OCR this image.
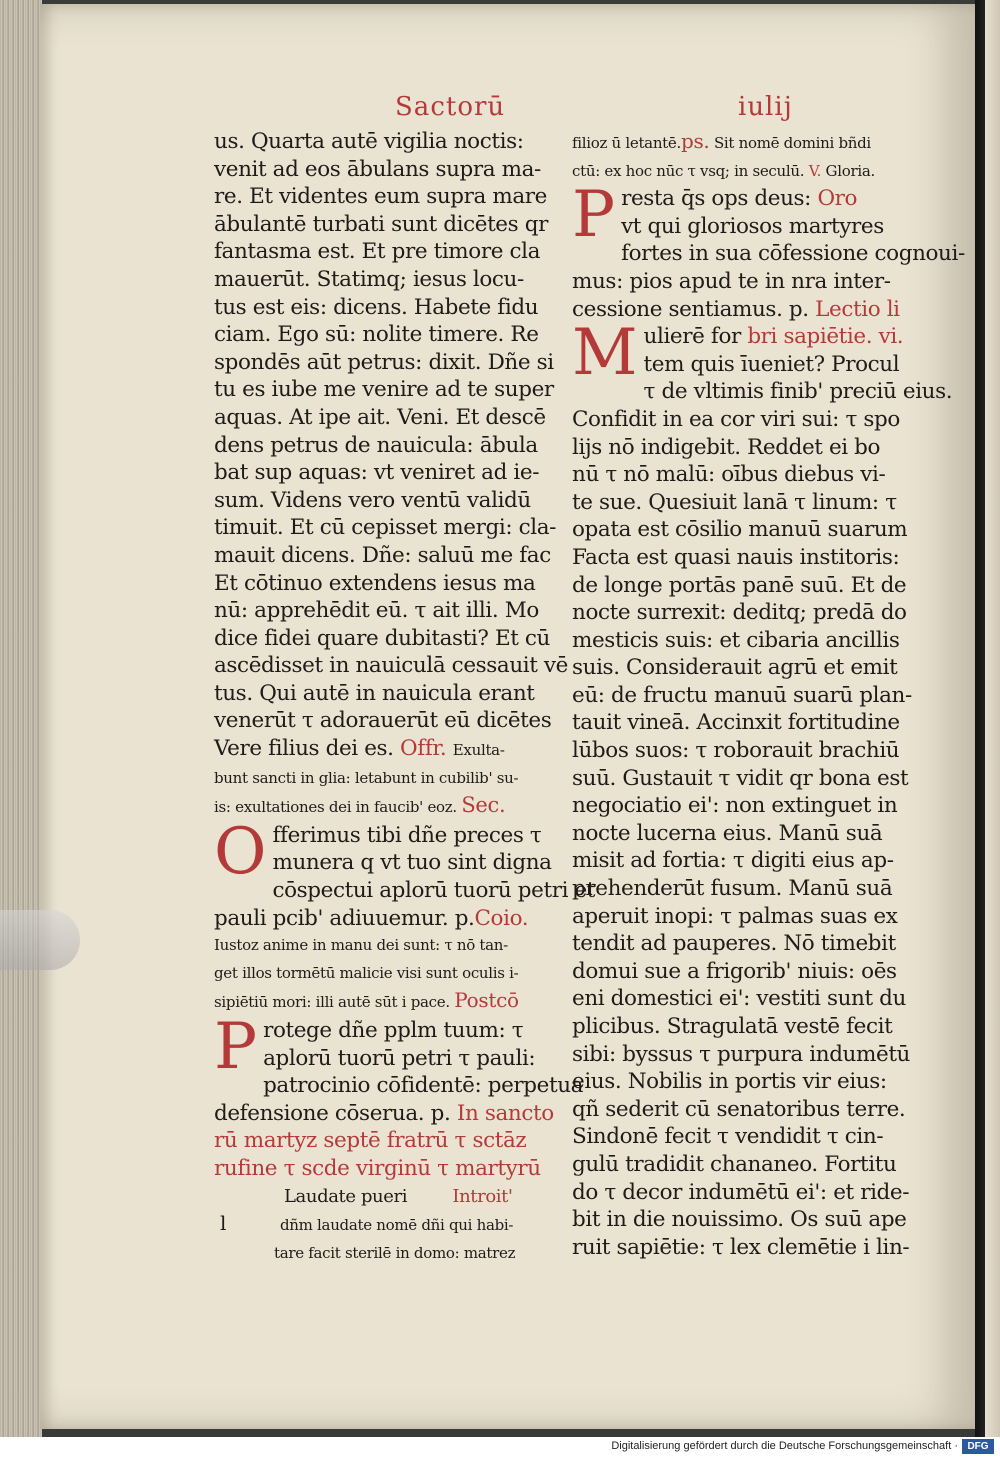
Sactorū	iulij
us. Quarta autē vigilia noctis:
venit ad eos ābulans supra ma-
re. Et videntes eum supra mare
ābulantē turbati sunt dicētes qr
fantasma est. Et pre timore cla
mauerūt. Statimq; iesus locu-
tus est eis: dicens. Habete fidu
ciam. Ego sū: nolite timere. Re
spondēs aūt petrus: dixit. Dñe si
tu es iube me venire ad te super
aquas. At ipe ait. Veni. Et descē
dens petrus de nauicula: ābula
bat sup aquas: vt veniret ad ie-
sum. Videns vero ventū validū
timuit. Et cū cepisset mergi: cla-
mauit dicens. Dñe: saluū me fac
Et cōtinuo extendens iesus ma
nū: apprehēdit eū. τ ait illi. Mo
dice fidei quare dubitasti? Et cū
ascēdisset in nauiculā cessauit vē
tus. Qui autē in nauicula erant
venerūt τ adorauerūt eū dicētes
Vere filius dei es. Offr. Exulta-
bunt sancti in glia: letabunt in cubilib' su-
is: exultationes dei in faucib' eoz. Sec.
O fferimus tibi dñe preces τ
munera q vt tuo sint digna
cōspectui aplorū tuorū petri et
pauli pcib' adiuuemur. p.Coio.
Iustoz anime in manu dei sunt: τ nō tan-
get illos tormētū malicie visi sunt oculis i-
sipiētiū mori: illi autē sūt i pace. Postcō
P rotege dñe pplm tuum: τ
aplorū tuorū petri τ pauli:
patrocinio cōfidentē: perpetua
defensione cōserua. p. In sancto
rū martyz septē fratrū τ sctāz
rufine τ scde virginū τ martyrū
Laudate pueri	Introit'
l	dñm laudate nomē dñi qui habi-
tare facit sterilē in domo: matrez
filioz ū letantē.ps. Sit nomē domini bñdi
ctū: ex hoc nūc τ vsq; in seculū. V. Gloria.
P resta q̄s ops deus: Oro
vt qui gloriosos martyres
fortes in sua cōfessione cognoui-
mus: pios apud te in nra inter-
cessione sentiamus. p. Lectio li
M ulierē for bri sapiētie. vi.
tem quis īueniet? Procul
τ de vltimis finib' preciū eius.
Confidit in ea cor viri sui: τ spo
lijs nō indigebit. Reddet ei bo
nū τ nō malū: oībus diebus vi-
te sue. Quesiuit lanā τ linum: τ
opata est cōsilio manuū suarum
Facta est quasi nauis institoris:
de longe portās panē suū. Et de
nocte surrexit: deditq; predā do
mesticis suis: et cibaria ancillis
suis. Considerauit agrū et emit
eū: de fructu manuū suarū plan-
tauit vineā. Accinxit fortitudine
lūbos suos: τ roborauit brachiū
suū. Gustauit τ vidit qr bona est
negociatio ei': non extinguet in
nocte lucerna eius. Manū suā
misit ad fortia: τ digiti eius ap-
prehenderūt fusum. Manū suā
aperuit inopi: τ palmas suas ex
tendit ad pauperes. Nō timebit
domui sue a frigorib' niuis: oēs
eni domestici ei': vestiti sunt du
plicibus. Stragulatā vestē fecit
sibi: byssus τ purpura indumētū
eius. Nobilis in portis vir eius:
qñ sederit cū senatoribus terre.
Sindonē fecit τ vendidit τ cin-
gulū tradidit chananeo. Fortitu
do τ decor indumētū ei': et ride-
bit in die nouissimo. Os suū ape
ruit sapiētie: τ lex clemētie i lin-
Digitalisierung gefördert durch die Deutsche Forschungsgemeinschaft · DFG
